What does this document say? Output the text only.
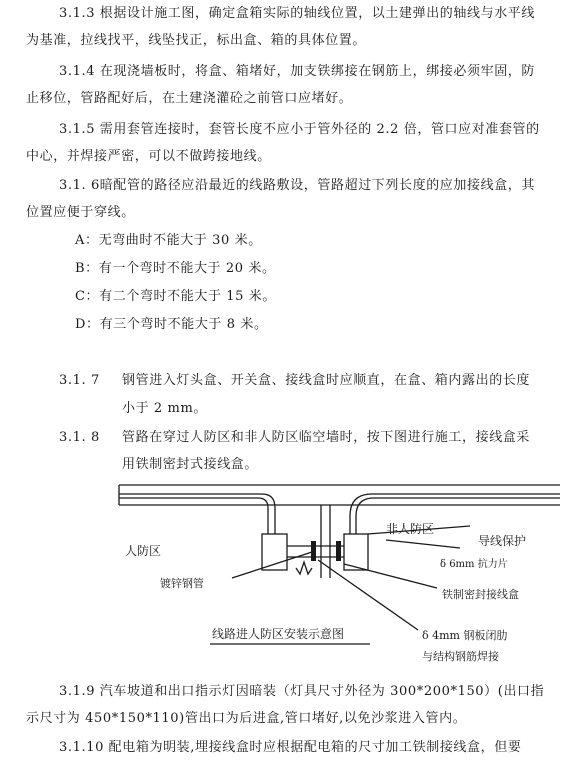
3.1.3 根据设计施工图，确定盒箱实际的轴线位置，以土建弹出的轴线与水平线
为基准，拉线找平，线坠找正，标出盒、箱的具体位置。
3.1.4 在现浇墙板时，将盒、箱堵好，加支铁绑接在钢筋上，绑接必须牢固，防
止移位，管路配好后，在土建浇灌砼之前管口应堵好。
3.1.5 需用套管连接时，套管长度不应小于管外径的 2.2 倍，管口应对准套管的
中心，并焊接严密，可以不做跨接地线。
3.1. 6暗配管的路径应沿最近的线路敷设，管路超过下列长度的应加接线盒，其
位置应便于穿线。
A：无弯曲时不能大于 30 米。
B：有一个弯时不能大于 20 米。
C：有二个弯时不能大于 15 米。
D：有三个弯时不能大于 8 米。
3.1. 7 钢管进入灯头盒、开关盒、接线盒时应顺直，在盒、箱内露出的长度
小于 2 mm。
3.1. 8 管路在穿过人防区和非人防区临空墙时，按下图进行施工，接线盒采
用铁制密封式接线盒。
非人防区
人防区
导线保护
δ 6mm 抗力片
镀锌钢管
铁制密封接线盒
δ 4mm 钢板闭肋
与结构钢筋焊接
线路进人防区安装示意图
3.1.9 汽车坡道和出口指示灯因暗装（灯具尺寸外径为 300*200*150）(出口指
示尺寸为 450*150*110)管出口为后进盒,管口堵好,以免沙浆进入管内。
3.1.10 配电箱为明装,埋接线盒时应根据配电箱的尺寸加工铁制接线盒，但要
